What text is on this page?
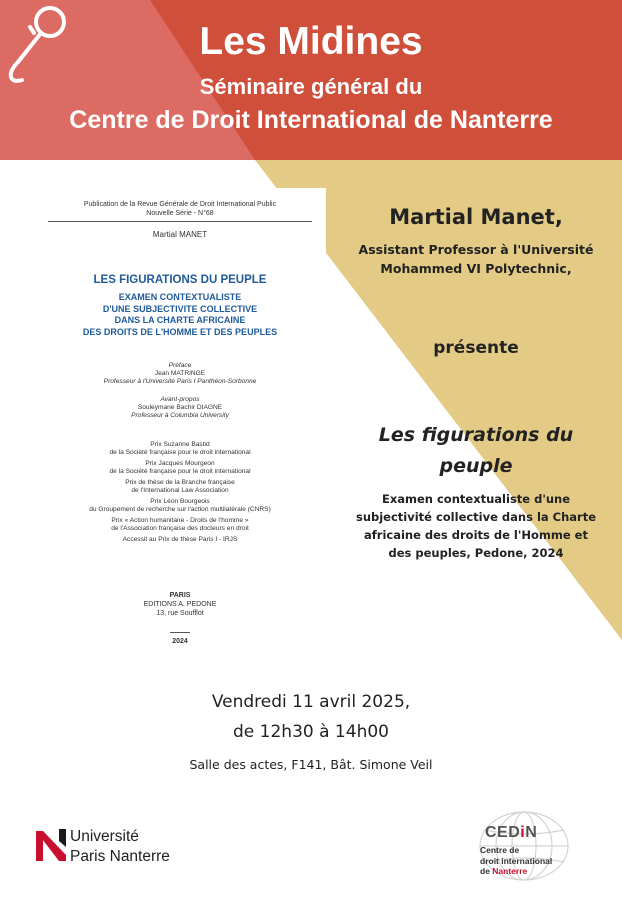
Les Midines
Séminaire général du
Centre de Droit International de Nanterre
Publication de la Revue Générale de Droit International Public
Nouvelle Série - N°68
Martial MANET
LES FIGURATIONS DU PEUPLE
EXAMEN CONTEXTUALISTE
D'UNE SUBJECTIVITE COLLECTIVE
DANS LA CHARTE AFRICAINE
DES DROITS DE L'HOMME ET DES PEUPLES
Préface
Jean MATRINGE
Professeur à l'Université Paris I Panthéon-Sorbonne
Avant-propos
Souleymane Bachir DIAGNE
Professeur à Columbia University
Prix Suzanne Bastid
de la Société française pour le droit international
Prix Jacques Mourgeon
de la Société française pour le droit international
Prix de thèse de la Branche française
de l'International Law Association
Prix Léon Bourgeois
du Groupement de recherche sur l'action multilatérale (CNRS)
Prix « Action humanitaire - Droits de l'homme »
de l'Association française des docteurs en droit
Accessit au Prix de thèse Paris I - IRJS
PARIS
EDITIONS A. PEDONE
13, rue Soufflot
2024
Martial Manet,
Assistant Professor à l'Université
Mohammed VI Polytechnic,
présente
Les figurations du
peuple
Examen contextualiste d'une
subjectivité collective dans la Charte
africaine des droits de l'Homme et
des peuples, Pedone, 2024
Vendredi 11 avril 2025,
de 12h30 à 14h00
Salle des actes, F141, Bât. Simone Veil
Université
Paris Nanterre
CEDiN
Centre de
droit international
de Nanterre
